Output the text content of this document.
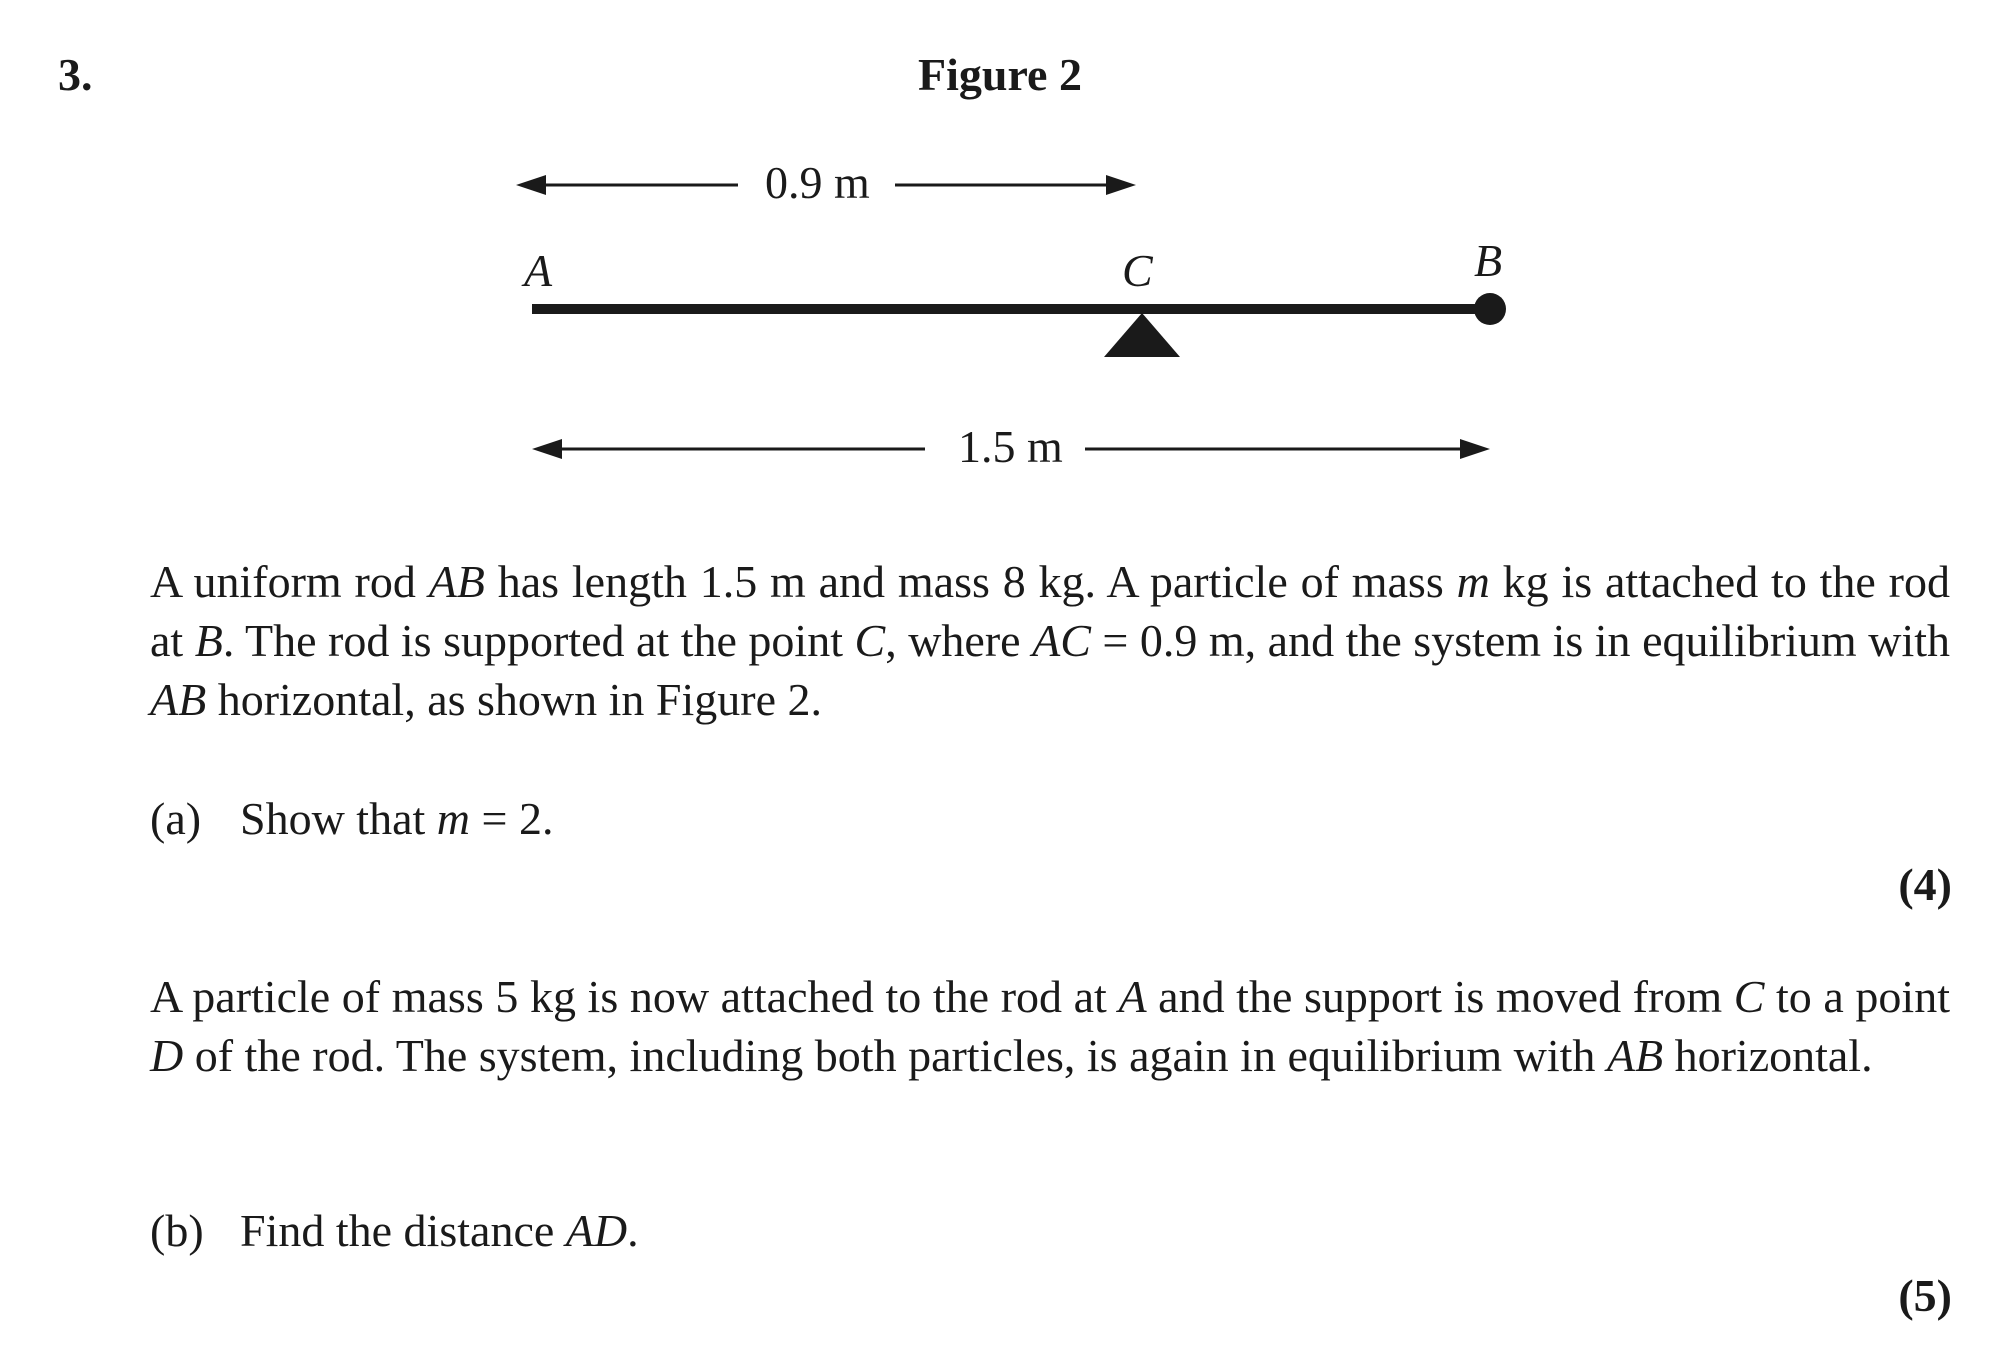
3.	Figure 2
0.9 m
A	C	B
1.5 m

A uniform rod AB has length 1.5 m and mass 8 kg. A particle of mass m kg is attached to the rod at B. The rod is supported at the point C, where AC = 0.9 m, and the system is in equilibrium with AB horizontal, as shown in Figure 2.

(a) Show that m = 2.
(4)

A particle of mass 5 kg is now attached to the rod at A and the support is moved from C to a point D of the rod. The system, including both particles, is again in equilibrium with AB horizontal.

(b) Find the distance AD.
(5)
